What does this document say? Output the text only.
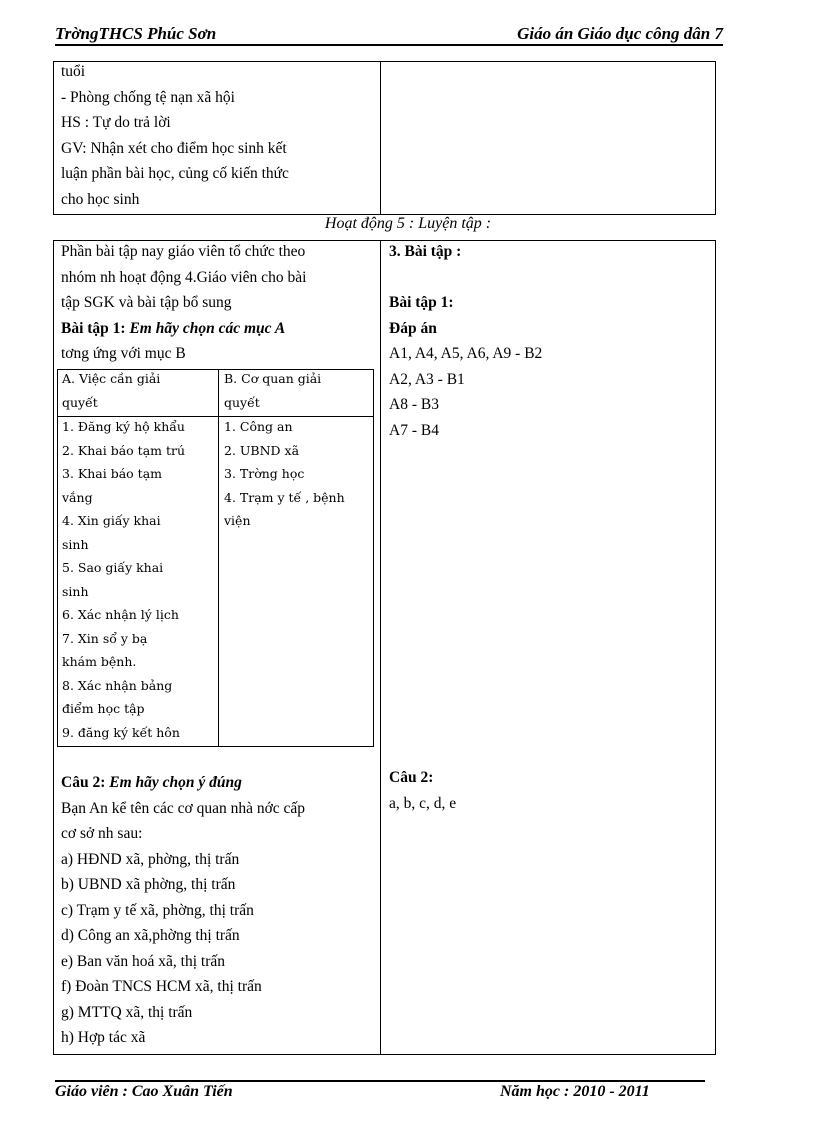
TrờngTHCS Phúc Sơn	Giáo án Giáo dục công dân 7
tuổi
- Phòng chống tệ nạn xã hội
HS : Tự do trả lời
GV: Nhận xét cho điểm học sinh kết
luận phần bài học, củng cố kiến thức
cho học sinh
Hoạt động 5 : Luyện tập :
Phần bài tập nay giáo viên tổ chức theo
nhóm nh hoạt động 4.Giáo viên cho bài
tập SGK và bài tập bổ sung
Bài tập 1: Em hãy chọn các mục A
tơng ứng với mục B
A. Việc cần giải
quyết
B. Cơ quan giải
quyết
1. Đăng ký hộ khẩu
2. Khai báo tạm trú
3. Khai báo tạm
vắng
4. Xin giấy khai
sinh
5. Sao giấy khai
sinh
6. Xác nhận lý lịch
7. Xin sổ y bạ
khám bệnh.
8. Xác nhận bảng
điểm học tập
9. đăng ký kết hôn
1. Công an
2. UBND xã
3. Trờng học
4. Trạm y tế , bệnh
viện
Câu 2: Em hãy chọn ý đúng
Bạn An kể tên các cơ quan nhà nớc cấp
cơ sở nh sau:
a) HĐND xã, phờng, thị trấn
b) UBND xã phờng, thị trấn
c) Trạm y tế xã, phờng, thị trấn
d) Công an xã,phờng thị trấn
e) Ban văn hoá xã, thị trấn
f) Đoàn TNCS HCM xã, thị trấn
g) MTTQ xã, thị trấn
h) Hợp tác xã
3. Bài tập :

Bài tập 1:
Đáp án
A1, A4, A5, A6, A9 - B2
A2, A3 - B1
A8 - B3
A7 - B4
Câu 2:
a, b, c, d, e
Giáo viên : Cao Xuân Tiến	Năm học : 2010 - 2011
